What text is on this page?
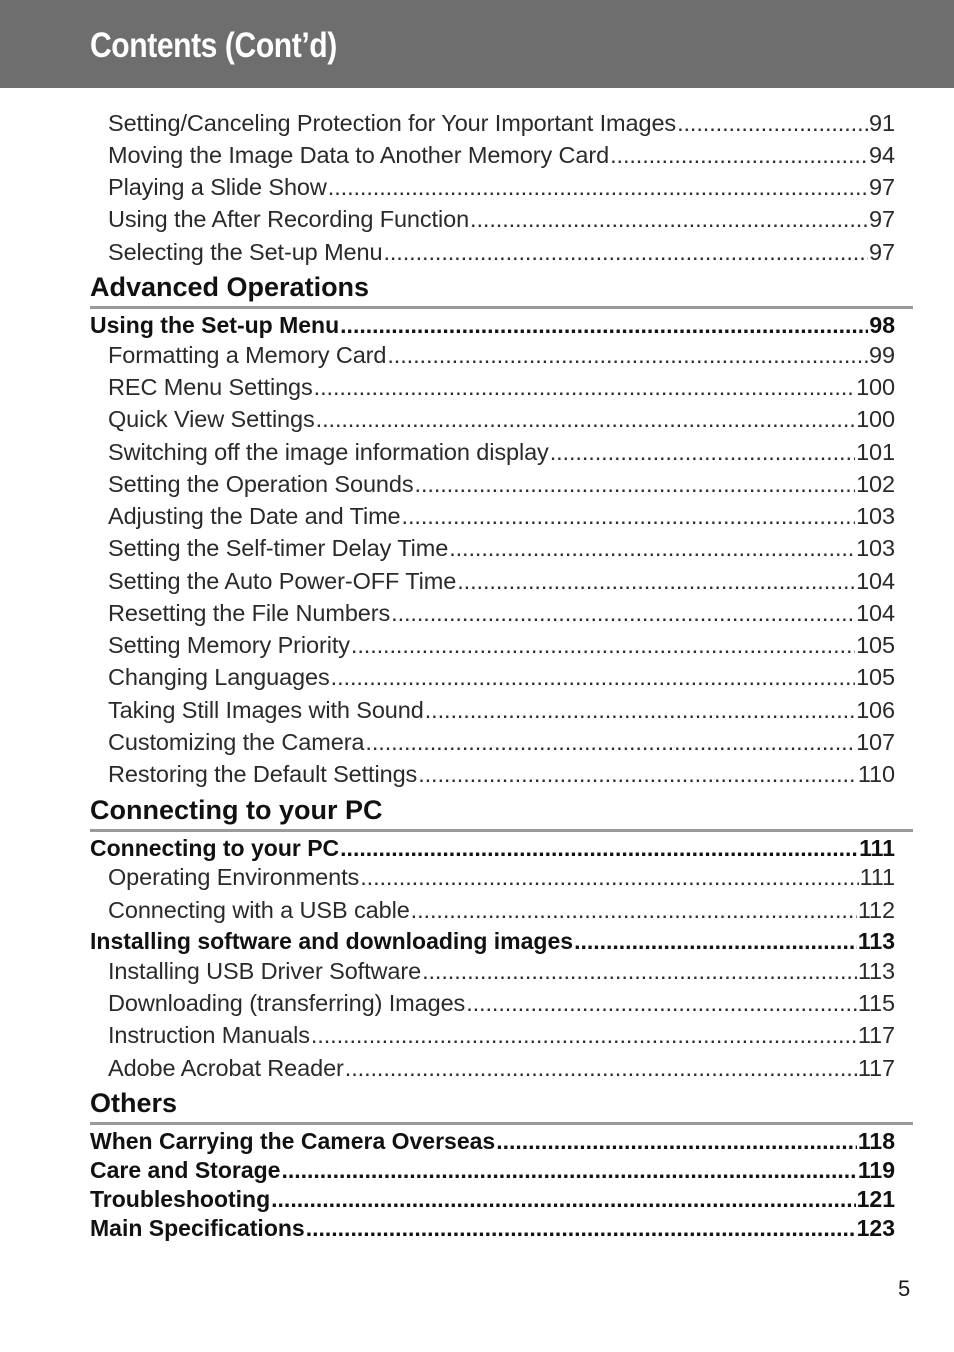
Contents (Cont’d)
Setting/Canceling Protection for Your Important Images .....	91
Moving the Image Data to Another Memory Card .....	94
Playing a Slide Show .....	97
Using the After Recording Function .....	97
Selecting the Set-up Menu .....	97
Advanced Operations
Using the Set-up Menu .....	98
Formatting a Memory Card .....	99
REC Menu Settings .....	100
Quick View Settings .....	100
Switching off the image information display .....	101
Setting the Operation Sounds .....	102
Adjusting the Date and Time .....	103
Setting the Self-timer Delay Time .....	103
Setting the Auto Power-OFF Time .....	104
Resetting the File Numbers .....	104
Setting Memory Priority .....	105
Changing Languages .....	105
Taking Still Images with Sound .....	106
Customizing the Camera .....	107
Restoring the Default Settings .....	110
Connecting to your PC
Connecting to your PC .....	111
Operating Environments .....	111
Connecting with a USB cable .....	112
Installing software and downloading images .....	113
Installing USB Driver Software .....	113
Downloading (transferring) Images .....	115
Instruction Manuals .....	117
Adobe Acrobat Reader .....	117
Others
When Carrying the Camera Overseas .....	118
Care and Storage .....	119
Troubleshooting .....	121
Main Specifications .....	123
5
